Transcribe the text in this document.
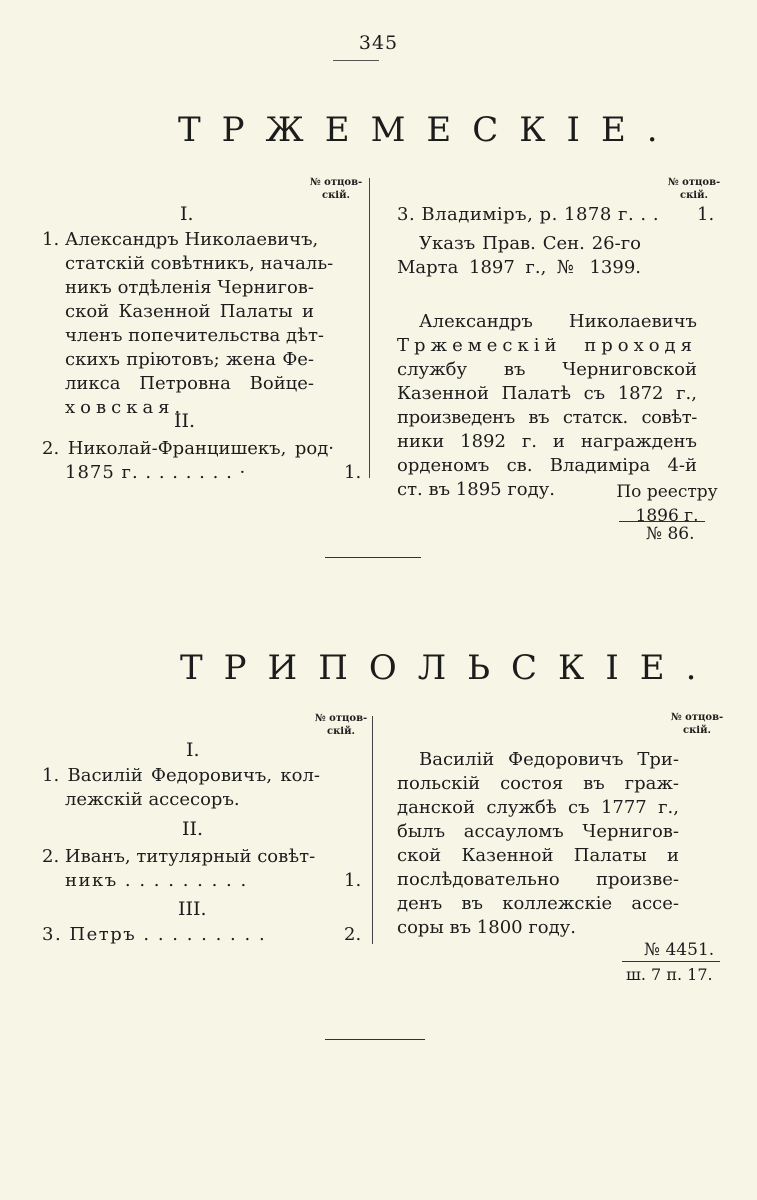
345
ТРЖЕМЕСКІЕ.
№ отцов-
скій.
№ отцов-
скій.
I.
1. Александръ Николаевичъ,
статскій совѣтникъ, началь-
никъ отдѣленія Чернигов-
ской Казенной Палаты и
членъ попечительства дѣт-
скихъ пріютовъ; жена Фе-
ликса Петровна Войце-
ховская.
II.
2. Николай-Францишекъ, род·
1875 г. . . . . . . . ·	1.
3. Владиміръ, р. 1878 г. . . 1.
Указъ Прав. Сен. 26-го
Марта 1897 г., № 1399.
Александръ Николаевичъ
Тржемескій проходя
службу въ Черниговской
Казенной Палатѣ съ 1872 г.,
произведенъ въ статск. совѣт-
ники 1892 г. и награжденъ
орденомъ св. Владиміра 4-й
ст. въ 1895 году.	По реестру
1896 г.
№ 86.
ТРИПОЛЬСКІЕ.
№ отцов-
скій.
№ отцов-
скій.
I.
1. Василій Федоровичъ, кол-
лежскій ассесоръ.
II.
2. Иванъ, титулярный совѣт-
никъ . . . . . . . . .	1.
III.
3. Петръ . . . . . . . . .	2.
Василій Федоровичъ Три-
польскій состоя въ граж-
данской службѣ съ 1777 г.,
былъ ассауломъ Чернигов-
ской Казенной Палаты и
послѣдовательно произве-
денъ въ коллежскіе ассе-
соры въ 1800 году.
№ 4451.
ш. 7 п. 17.
